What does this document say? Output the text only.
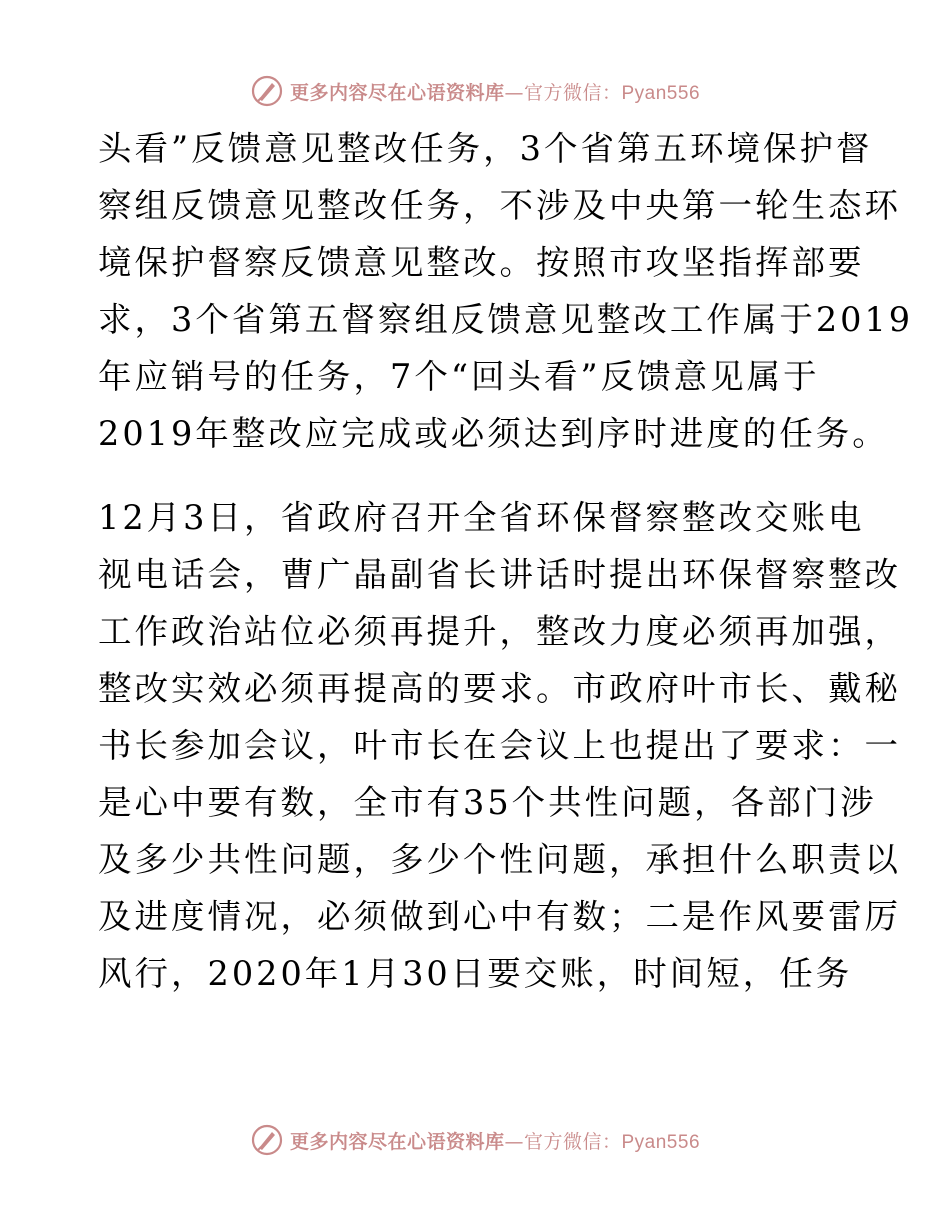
更多内容尽在心语资料库—官方微信：Pyan556
头看”反馈意见整改任务，3个省第五环境保护督
察组反馈意见整改任务，不涉及中央第一轮生态环
境保护督察反馈意见整改。按照市攻坚指挥部要
求，3个省第五督察组反馈意见整改工作属于2019
年应销号的任务，7个“回头看”反馈意见属于
2019年整改应完成或必须达到序时进度的任务。
12月3日，省政府召开全省环保督察整改交账电
视电话会，曹广晶副省长讲话时提出环保督察整改
工作政治站位必须再提升，整改力度必须再加强，
整改实效必须再提高的要求。市政府叶市长、戴秘
书长参加会议，叶市长在会议上也提出了要求：一
是心中要有数，全市有35个共性问题，各部门涉
及多少共性问题，多少个性问题，承担什么职责以
及进度情况，必须做到心中有数；二是作风要雷厉
风行，2020年1月30日要交账，时间短，任务
更多内容尽在心语资料库—官方微信：Pyan556
